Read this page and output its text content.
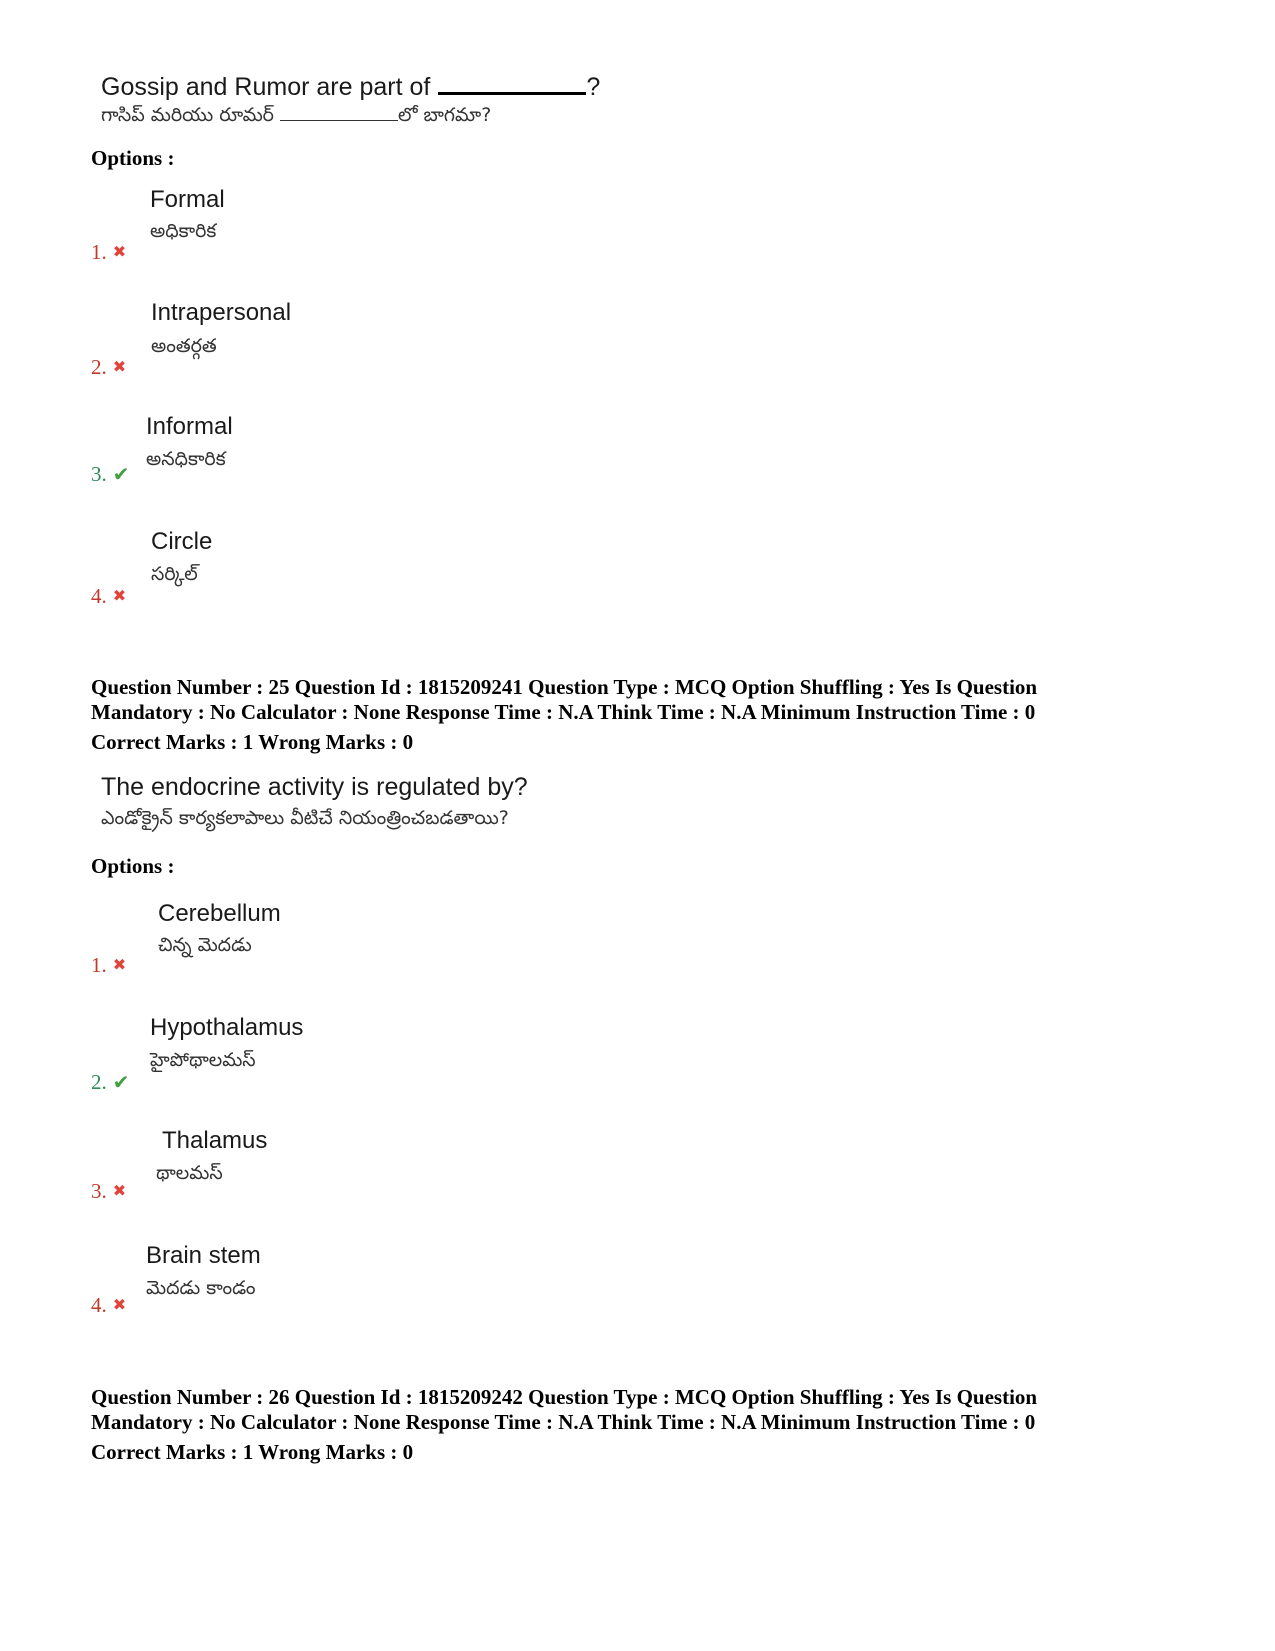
Gossip and Rumor are part of	?
గాసిప్ మరియు రూమర్	లో బాగమా?
Options :
Formal
అధికారిక
1. ✖
Intrapersonal
అంతర్గత
2. ✖
Informal
అనధికారిక
3. ✔
Circle
సర్కిల్
4. ✖
Question Number : 25 Question Id : 1815209241 Question Type : MCQ Option Shuffling : Yes Is Question
Mandatory : No Calculator : None Response Time : N.A Think Time : N.A Minimum Instruction Time : 0
Correct Marks : 1 Wrong Marks : 0
The endocrine activity is regulated by?
ఎండోక్రైన్ కార్యకలాపాలు వీటిచే నియంత్రించబడతాయి?
Options :
Cerebellum
చిన్న మెదడు
1. ✖
Hypothalamus
హైపోథాలమస్
2. ✔
Thalamus
థాలమస్
3. ✖
Brain stem
మెదడు కాండం
4. ✖
Question Number : 26 Question Id : 1815209242 Question Type : MCQ Option Shuffling : Yes Is Question
Mandatory : No Calculator : None Response Time : N.A Think Time : N.A Minimum Instruction Time : 0
Correct Marks : 1 Wrong Marks : 0
